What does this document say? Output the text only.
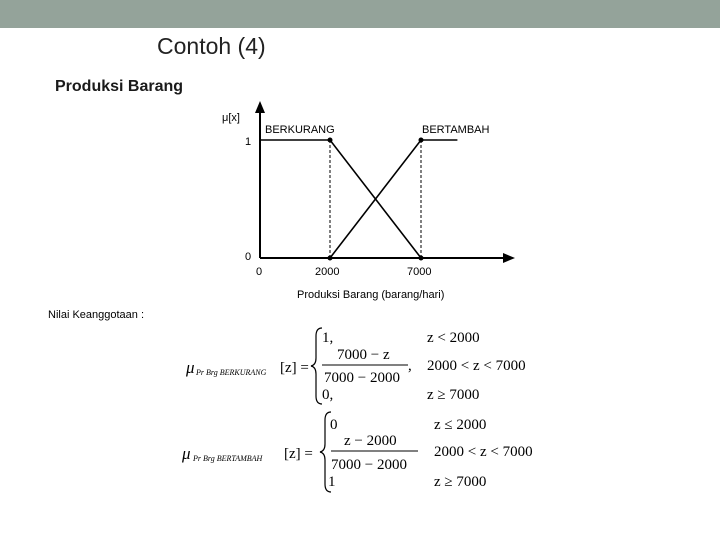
Contoh (4)
Produksi Barang
Nilai Keanggotaan :
μ[x]
1
0
0	2000	7000
Produksi Barang (barang/hari)
BERKURANG	BERTAMBAH
μ Pr Brg BERKURANG [z] =
1,	z < 2000
7000 − z
7000 − 2000
, 2000 < z < 7000
0,	z ≥ 7000
μ Pr Brg BERTAMBAH [z] =
0	z ≤ 2000
z − 2000
7000 − 2000
2000 < z < 7000
1	z ≥ 7000
